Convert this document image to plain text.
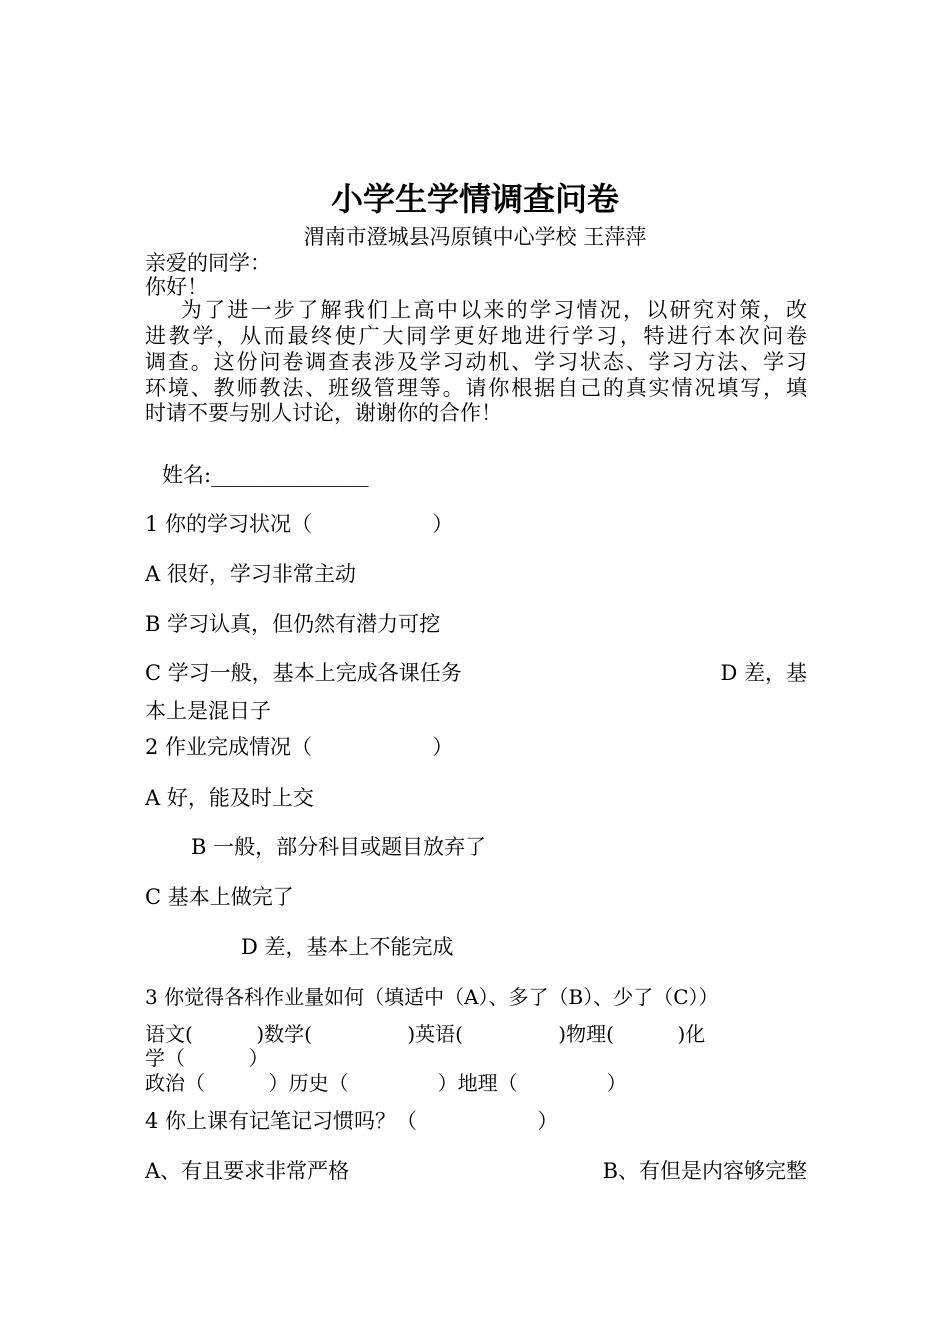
小学生学情调查问卷
渭南市澄城县冯原镇中心学校 王萍萍
亲爱的同学：
你好！
为了进一步了解我们上高中以来的学习情况，以研究对策，改
进教学，从而最终使广大同学更好地进行学习，特进行本次问卷
调查。这份问卷调查表涉及学习动机、学习状态、学习方法、学习
环境、教师教法、班级管理等。请你根据自己的真实情况填写，填
时请不要与别人讨论，谢谢你的合作！
姓名:_______________
1 你的学习状况（                  ）
A 很好，学习非常主动
B 学习认真，但仍然有潜力可挖
C 学习一般，基本上完成各课任务	D 差，基
本上是混日子
2 作业完成情况（                  ）
A 好，能及时上交
B 一般，部分科目或题目放弃了
C 基本上做完了
D 差，基本上不能完成
3 你觉得各科作业量如何（填适中（A）、多了（B）、少了（C））
语文(          )数学(               )英语(               )物理(          )化
学（          ）
政治（          ）历史（              ）地理（              ）
4 你上课有记笔记习惯吗？（                  ）
A、有且要求非常严格	B、有但是内容够完整
